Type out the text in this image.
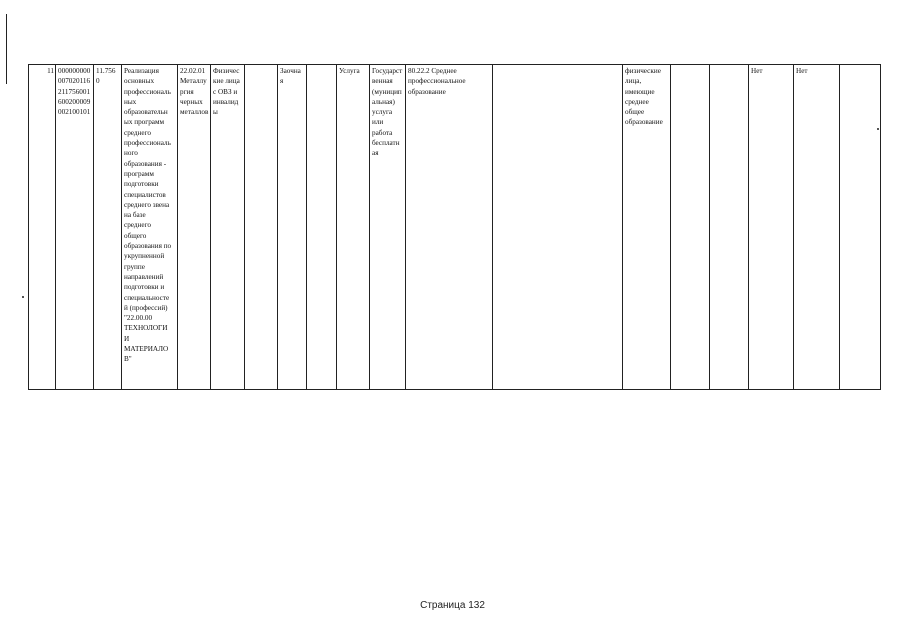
11	000000000
007020116
211756001
600200009
002100101	11.756
0	Реализация
основных
профессиональ
ных
образовательн
ых программ
среднего
профессиональ
ного
образования -
программ
подготовки
специалистов
среднего звена
на базе
среднего
общего
образования по
укрупненной
группе
направлений
подготовки и
специальносте
й (профессий)
"22.00.00
ТЕХНОЛОГИ
И
МАТЕРИАЛО
В"	22.02.01
Металлу
ргия
черных
металлов	Физичес
кие лица
с ОВЗ и
инвалид
ы		Заочна
я		Услуга	Государст
венная
(муницип
альная)
услуга
или
работа
бесплатн
ая	80.22.2 Среднее
профессиональное
образование		физические
лица,
имеющие
среднее
общее
образование			Нет	Нет	
Страница 132
